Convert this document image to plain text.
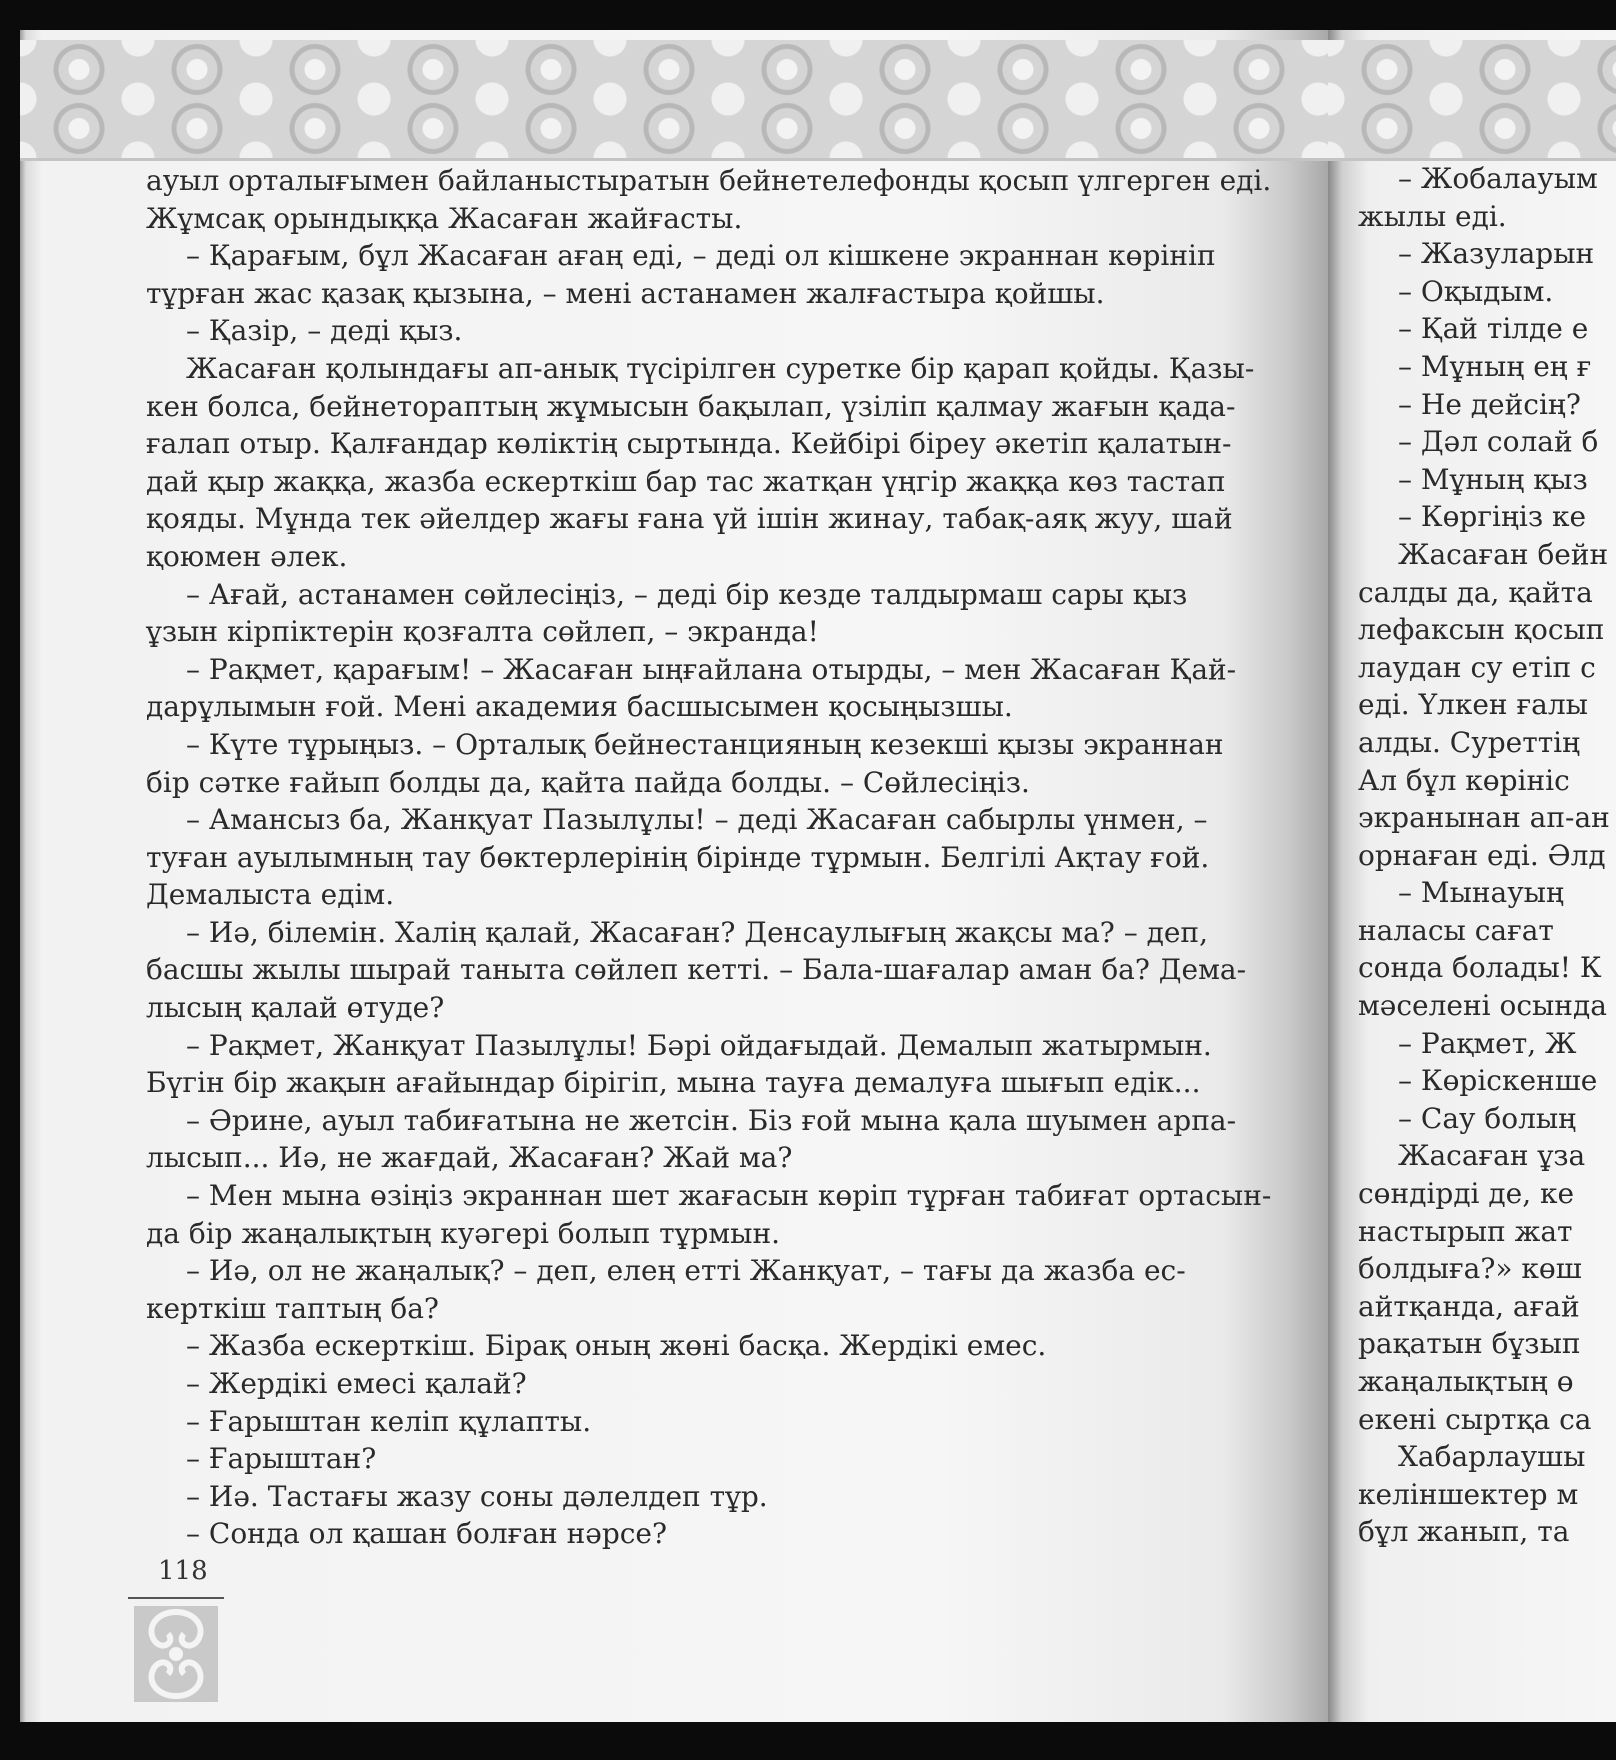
ауыл орталығымен байланыстыратын бейнетелефонды қосып үлгерген еді.

Жұмсақ орындыққа Жасаған жайғасты.

– Қарағым, бұл Жасаған ағаң еді, – деді ол кішкене экраннан көрініп

тұрған жас қазақ қызына, – мені астанамен жалғастыра қойшы.

– Қазір, – деді қыз.

Жасаған қолындағы ап-анық түсірілген суретке бір қарап қойды. Қазы-

кен болса, бейнетораптың жұмысын бақылап, үзіліп қалмау жағын қада-

ғалап отыр. Қалғандар көліктің сыртында. Кейбірі біреу әкетіп қалатын-

дай қыр жаққа, жазба ескерткіш бар тас жатқан үңгір жаққа көз тастап

қояды. Мұнда тек әйелдер жағы ғана үй ішін жинау, табақ-аяқ жуу, шай

қоюмен әлек.

– Ағай, астанамен сөйлесіңіз, – деді бір кезде талдырмаш сары қыз

ұзын кірпіктерін қозғалта сөйлеп, – экранда!

– Рақмет, қарағым! – Жасаған ыңғайлана отырды, – мен Жасаған Қай-

дарұлымын ғой. Мені академия басшысымен қосыңызшы.

– Күте тұрыңыз. – Орталық бейнестанцияның кезекші қызы экраннан

бір сәтке ғайып болды да, қайта пайда болды. – Сөйлесіңіз.

– Амансыз ба, Жанқуат Пазылұлы! – деді Жасаған сабырлы үнмен, –

туған ауылымның тау бөктерлерінің бірінде тұрмын. Белгілі Ақтау ғой.

Демалыста едім.

– Иә, білемін. Халің қалай, Жасаған? Денсаулығың жақсы ма? – деп,

басшы жылы шырай танытa сөйлеп кетті. – Бала-шағалар аман ба? Дема-

лысың қалай өтуде?

– Рақмет, Жанқуат Пазылұлы! Бәрі ойдағыдай. Демалып жатырмын.

Бүгін бір жақын ағайындар бірігіп, мына тауға демалуға шығып едік...

– Әрине, ауыл табиғатына не жетсін. Біз ғой мына қала шуымен арпа-

лысып... Иә, не жағдай, Жасаған? Жай ма?

– Мен мына өзіңіз экраннан шет жағасын көріп тұрған табиғат ортасын-

да бір жаңалықтың куәгері болып тұрмын.

– Иә, ол не жаңалық? – деп, елең етті Жанқуат, – тағы да жазба ес-

керткіш таптың ба?

– Жазба ескерткіш. Бірақ оның жөні басқа. Жердікі емес.

– Жердікі емесі қалай?

– Ғарыштан келіп құлапты.

– Ғарыштан?

– Иә. Тастағы жазу соны дәлелдеп тұр.

– Сонда ол қашан болған нәрсе?

118

– Жобалауым

жылы еді.

– Жазуларын

– Оқыдым.

– Қай тілде е

– Мұның ең ғ

– Не дейсің?

– Дәл солай б

– Мұның қыз

– Көргіңіз ке

Жасаған бейн

салды да, қайта

лефаксын қосып

лаудан су етіп с

еді. Үлкен ғалы

алды. Суреттің

Ал бұл көрініс

экранынан ап-ан

орнаған еді. Әлд

– Мынауың

наласы сағат

сонда болады! К

мәселені осында

– Рақмет, Ж

– Көріскенше

– Сау болың

Жасаған ұза

сөндірді де, ке

настырып жат

болдыға?» көш

айтқанда, ағай

рақатын бұзып

жаңалықтың ө

екені сыртқа са

Хабарлаушы

келіншектер м

бұл жанып, та
